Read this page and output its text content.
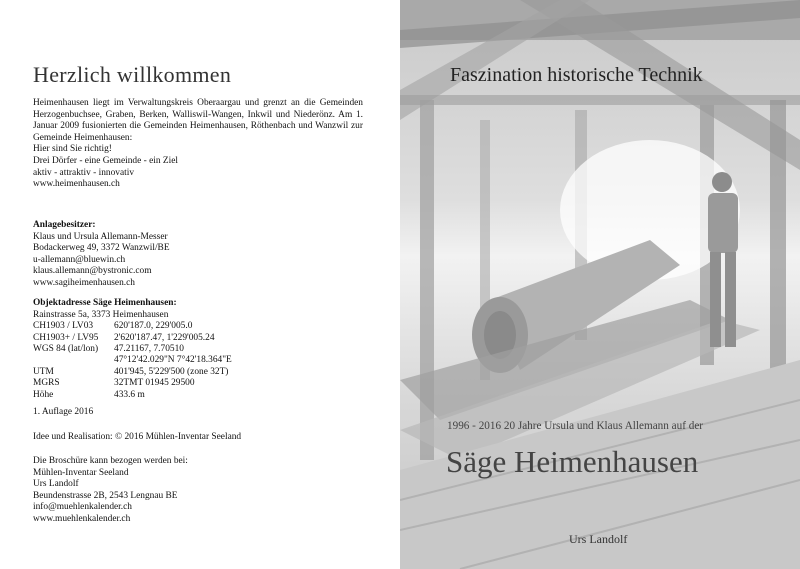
Herzlich willkommen
Heimenhausen liegt im Verwaltungskreis Oberaargau und grenzt an die Gemeinden Herzogenbuchsee, Graben, Berken, Walliswil-Wangen, Inkwil und Niederönz. Am 1. Januar 2009 fusionierten die Gemeinden Heimenhausen, Röthenbach und Wanzwil zur Gemeinde Heimenhausen:
Hier sind Sie richtig!
Drei Dörfer - eine Gemeinde - ein Ziel
aktiv - attraktiv - innovativ
www.heimenhausen.ch
Anlagebesitzer:
Klaus und Ursula Allemann-Messer
Bodackerweg 49, 3372 Wanzwil/BE
u-allemann@bluewin.ch
klaus.allemann@bystronic.com
www.sagiheimenhausen.ch
Objektadresse Säge Heimenhausen:
Rainstrasse 5a, 3373 Heimenhausen
CH1903 / LV03	620'187.0, 229'005.0
CH1903+ / LV95	2'620'187.47, 1'229'005.24
WGS 84 (lat/lon)	47.21167, 7.70510
	47°12'42.029"N 7°42'18.364"E
UTM	401'945, 5'229'500 (zone 32T)
MGRS	32TMT 01945 29500
Höhe	433.6 m
1. Auflage 2016
Idee und Realisation: © 2016 Mühlen-Inventar Seeland
Die Broschüre kann bezogen werden bei:
Mühlen-Inventar Seeland
Urs Landolf
Beundenstrasse 2B, 2543 Lengnau BE
info@muehlenkalender.ch
www.muehlenkalender.ch
Faszination historische Technik
1996 - 2016 20 Jahre Ursula und Klaus Allemann auf der
Säge Heimenhausen
Urs Landolf
